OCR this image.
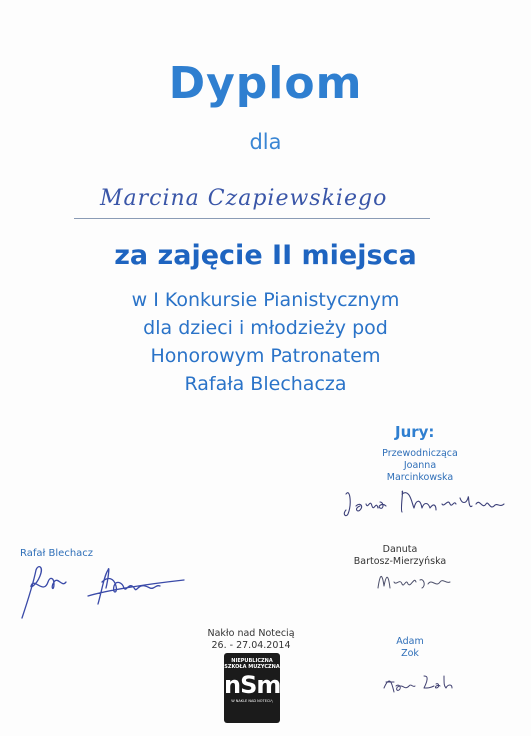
Dyplom
dla
Marcina Czapiewskiego
za zajęcie II miejsca
w I Konkursie Pianistycznym
dla dzieci i młodzieży pod
Honorowym Patronatem
Rafała Blechacza
Jury:
Przewodnicząca
Joanna
Marcinkowska
Danuta
Bartosz-Mierzyńska
Adam
Zok
Rafał Blechacz
Nakło nad Notecią
26. - 27.04.2014
NIEPUBLICZNA
SZKOŁA MUZYCZNA
nSm
W NAKLE NAD NOTECIĄ
